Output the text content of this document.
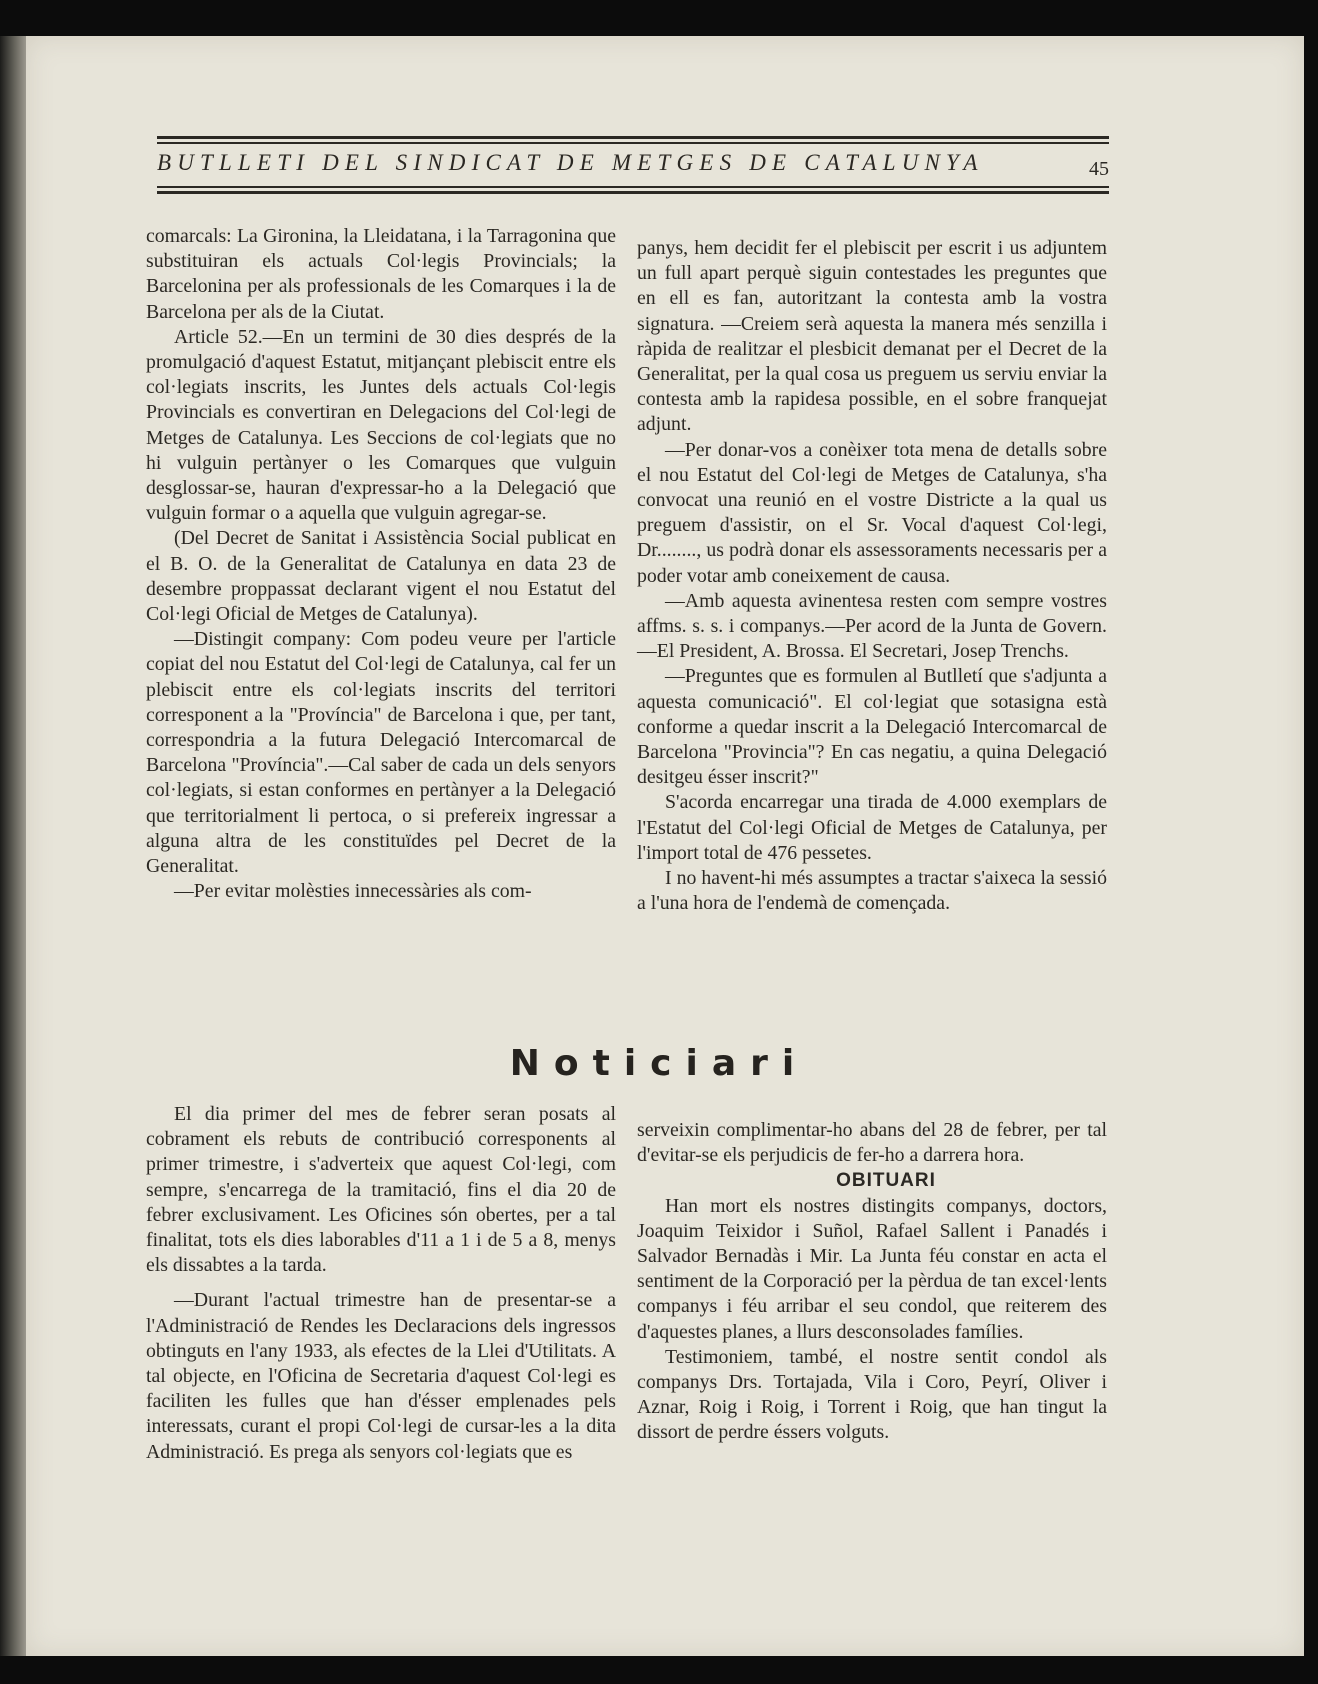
BUTLLETI DEL SINDICAT DE METGES DE CATALUNYA	45

comarcals: La Gironina, la Lleidatana, i la Tarragonina que substituiran els actuals Col·legis Provincials; la Barcelonina per als professionals de les Comarques i la de Barcelona per als de la Ciutat.

Article 52.—En un termini de 30 dies després de la promulgació d'aquest Estatut, mitjançant plebiscit entre els col·legiats inscrits, les Juntes dels actuals Col·legis Provincials es convertiran en Delegacions del Col·legi de Metges de Catalunya. Les Seccions de col·legiats que no hi vulguin pertànyer o les Comarques que vulguin desglossar-se, hauran d'expressar-ho a la Delegació que vulguin formar o a aquella que vulguin agregar-se.

(Del Decret de Sanitat i Assistència Social publicat en el B. O. de la Generalitat de Catalunya en data 23 de desembre proppassat declarant vigent el nou Estatut del Col·legi Oficial de Metges de Catalunya).

—Distingit company: Com podeu veure per l'article copiat del nou Estatut del Col·legi de Catalunya, cal fer un plebiscit entre els col·legiats inscrits del territori corresponent a la "Província" de Barcelona i que, per tant, correspondria a la futura Delegació Intercomarcal de Barcelona "Província".—Cal saber de cada un dels senyors col·legiats, si estan conformes en pertànyer a la Delegació que territorialment li pertoca, o si prefereix ingressar a alguna altra de les constituïdes pel Decret de la Generalitat.

—Per evitar molèsties innecessàries als com-

panys, hem decidit fer el plebiscit per escrit i us adjuntem un full apart perquè siguin contestades les preguntes que en ell es fan, autoritzant la contesta amb la vostra signatura. —Creiem serà aquesta la manera més senzilla i ràpida de realitzar el plesbicit demanat per el Decret de la Generalitat, per la qual cosa us preguem us serviu enviar la contesta amb la rapidesa possible, en el sobre franquejat adjunt.

—Per donar-vos a conèixer tota mena de detalls sobre el nou Estatut del Col·legi de Metges de Catalunya, s'ha convocat una reunió en el vostre Districte a la qual us preguem d'assistir, on el Sr. Vocal d'aquest Col·legi, Dr........, us podrà donar els assessoraments necessaris per a poder votar amb coneixement de causa.

—Amb aquesta avinentesa resten com sempre vostres affms. s. s. i companys.—Per acord de la Junta de Govern.—El President, A. Brossa. El Secretari, Josep Trenchs.

—Preguntes que es formulen al Butlletí que s'adjunta a aquesta comunicació". El col·legiat que sotasigna està conforme a quedar inscrit a la Delegació Intercomarcal de Barcelona "Provincia"? En cas negatiu, a quina Delegació desitgeu ésser inscrit?"

S'acorda encarregar una tirada de 4.000 exemplars de l'Estatut del Col·legi Oficial de Metges de Catalunya, per l'import total de 476 pessetes.

I no havent-hi més assumptes a tractar s'aixeca la sessió a l'una hora de l'endemà de començada.

Noticiari

El dia primer del mes de febrer seran posats al cobrament els rebuts de contribució corresponents al primer trimestre, i s'adverteix que aquest Col·legi, com sempre, s'encarrega de la tramitació, fins el dia 20 de febrer exclusivament. Les Oficines són obertes, per a tal finalitat, tots els dies laborables d'11 a 1 i de 5 a 8, menys els dissabtes a la tarda.

—Durant l'actual trimestre han de presentar-se a l'Administració de Rendes les Declaracions dels ingressos obtinguts en l'any 1933, als efectes de la Llei d'Utilitats. A tal objecte, en l'Oficina de Secretaria d'aquest Col·legi es faciliten les fulles que han d'ésser emplenades pels interessats, curant el propi Col·legi de cursar-les a la dita Administració. Es prega als senyors col·legiats que es

serveixin complimentar-ho abans del 28 de febrer, per tal d'evitar-se els perjudicis de fer-ho a darrera hora.

OBITUARI

Han mort els nostres distingits companys, doctors, Joaquim Teixidor i Suñol, Rafael Sallent i Panadés i Salvador Bernadàs i Mir. La Junta féu constar en acta el sentiment de la Corporació per la pèrdua de tan excel·lents companys i féu arribar el seu condol, que reiterem des d'aquestes planes, a llurs desconsolades famílies.

Testimoniem, també, el nostre sentit condol als companys Drs. Tortajada, Vila i Coro, Peyrí, Oliver i Aznar, Roig i Roig, i Torrent i Roig, que han tingut la dissort de perdre éssers volguts.
